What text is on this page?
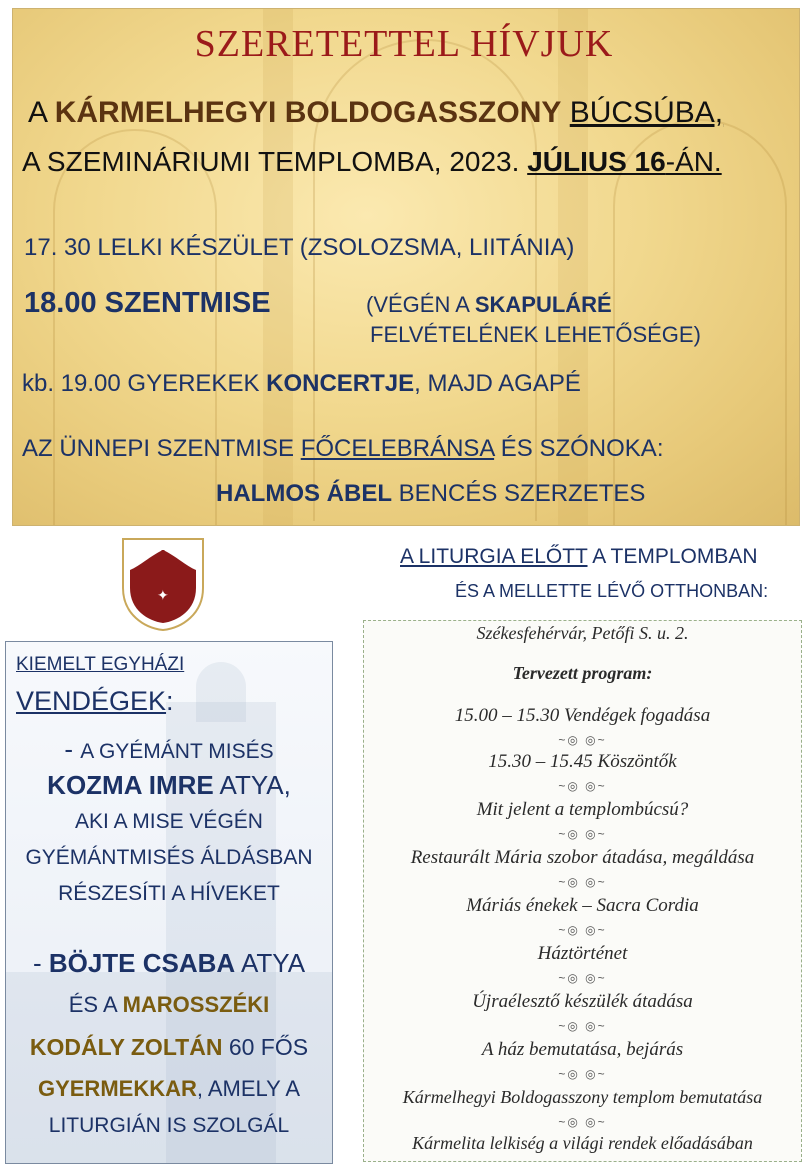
SZERETETTEL HÍVJUK
A KÁRMELHEGYI BOLDOGASSZONY BÚCSÚBA,
A SZEMINÁRIUMI TEMPLOMBA, 2023. JÚLIUS 16-ÁN.
17. 30 LELKI KÉSZÜLET (ZSOLOZSMA, LIITÁNIA)
18.00 SZENTMISE	(VÉGÉN A SKAPULÁRÉ
FELVÉTELÉNEK LEHETŐSÉGE)
kb. 19.00 GYEREKEK KONCERTJE, MAJD AGAPÉ
AZ ÜNNEPI SZENTMISE FŐCELEBRÁNSA ÉS SZÓNOKA:
HALMOS ÁBEL BENCÉS SZERZETES
✦	✦
✦
A LITURGIA ELŐTT A TEMPLOMBAN
ÉS A MELLETTE LÉVŐ OTTHONBAN:
KIEMELT EGYHÁZI
VENDÉGEK:
- A GYÉMÁNT MISÉS
KOZMA IMRE ATYA,
AKI A MISE VÉGÉN
GYÉMÁNTMISÉS ÁLDÁSBAN
RÉSZESÍTI A HÍVEKET
- BÖJTE CSABA ATYA
ÉS A MAROSSZÉKI
KODÁLY ZOLTÁN 60 FŐS
GYERMEKKAR, AMELY A
LITURGIÁN IS SZOLGÁL
Székesfehérvár, Petőfi S. u. 2.
Tervezett program:
15.00 – 15.30 Vendégek fogadása
~◎ ◎~
15.30 – 15.45 Köszöntők
~◎ ◎~
Mit jelent a templombúcsú?
~◎ ◎~
Restaurált Mária szobor átadása, megáldása
~◎ ◎~
Máriás énekek – Sacra Cordia
~◎ ◎~
Háztörténet
~◎ ◎~
Újraélesztő készülék átadása
~◎ ◎~
A ház bemutatása, bejárás
~◎ ◎~
Kármelhegyi Boldogasszony templom bemutatása
~◎ ◎~
Kármelita lelkiség a világi rendek előadásában
